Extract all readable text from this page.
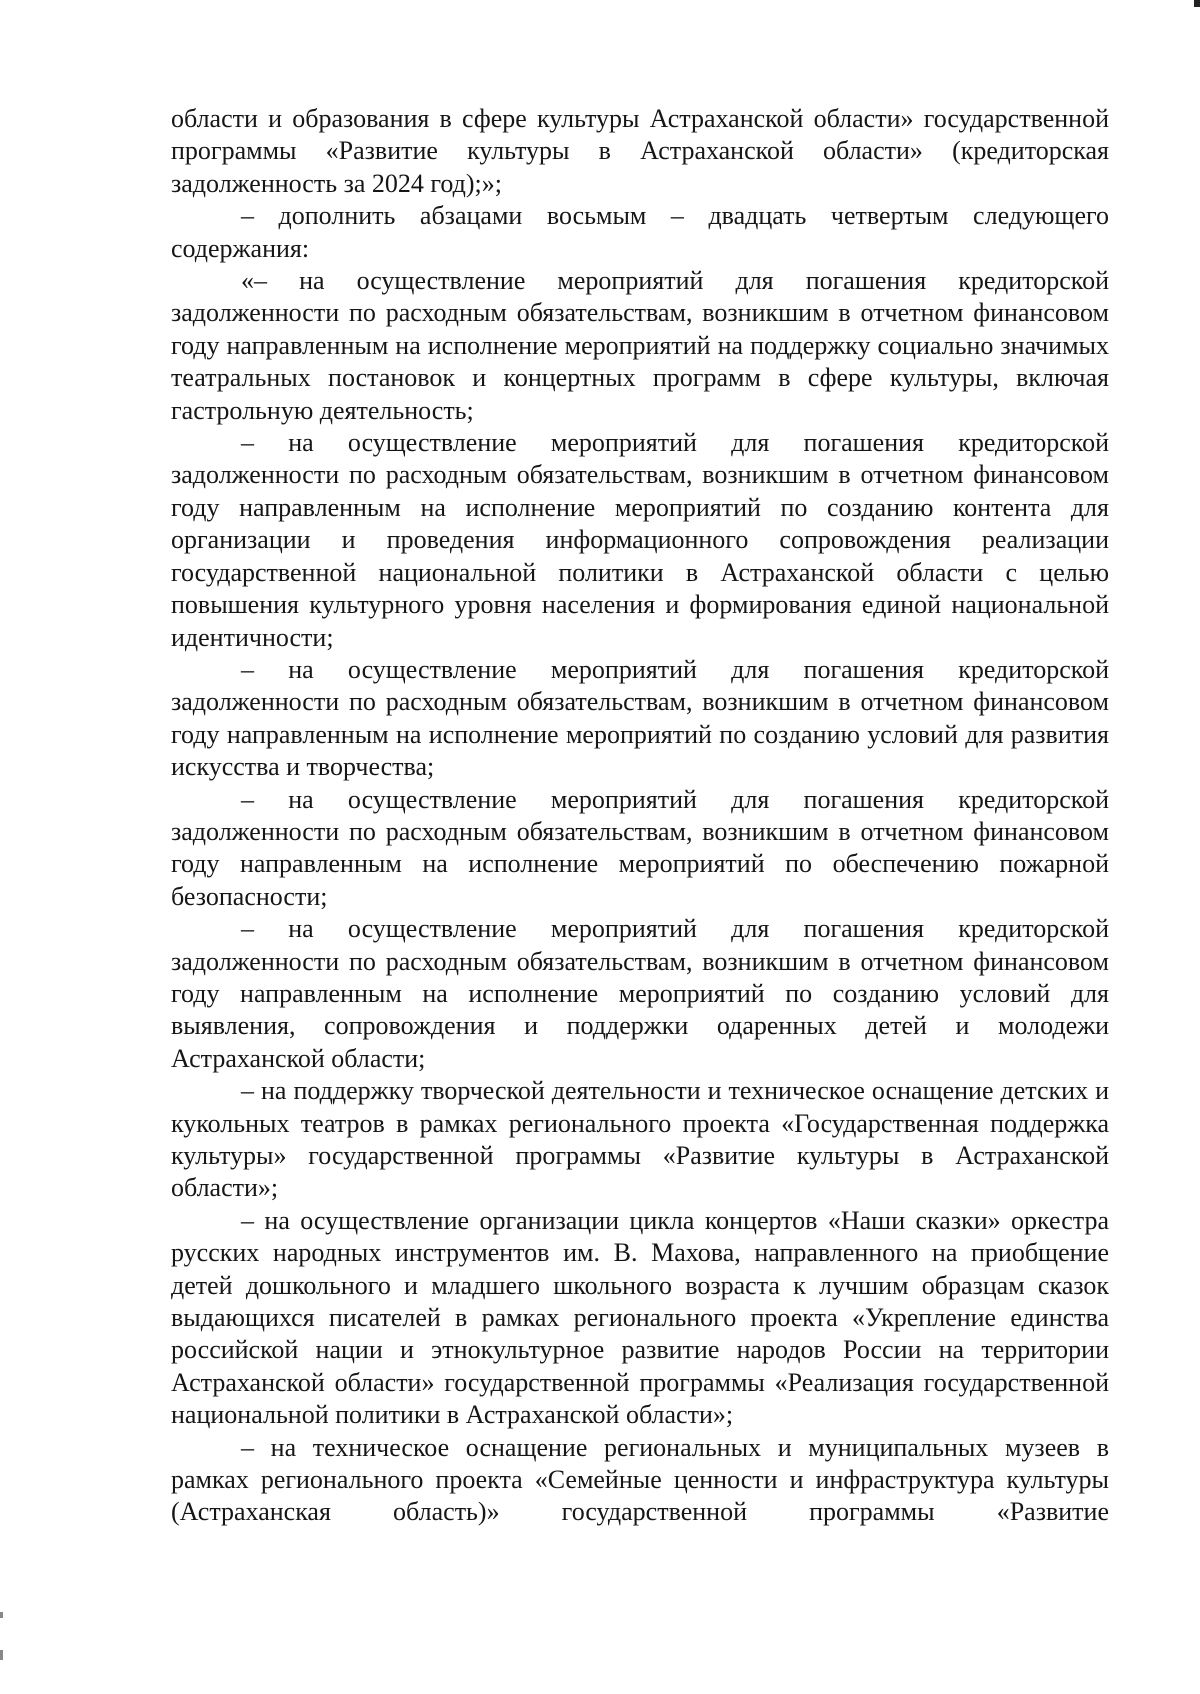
области и образования в сфере культуры Астраханской области» государственной программы «Развитие культуры в Астраханской области» (кредиторская задолженность за 2024 год);»;

– дополнить абзацами восьмым – двадцать четвертым следующего содержания:

«– на осуществление мероприятий для погашения кредиторской задолженности по расходным обязательствам, возникшим в отчетном финансовом году направленным на исполнение мероприятий на поддержку социально значимых театральных постановок и концертных программ в сфере культуры, включая гастрольную деятельность;

– на осуществление мероприятий для погашения кредиторской задолженности по расходным обязательствам, возникшим в отчетном финансовом году направленным на исполнение мероприятий по созданию контента для организации и проведения информационного сопровождения реализации государственной национальной политики в Астраханской области с целью повышения культурного уровня населения и формирования единой национальной идентичности;

– на осуществление мероприятий для погашения кредиторской задолженности по расходным обязательствам, возникшим в отчетном финансовом году направленным на исполнение мероприятий по созданию условий для развития искусства и творчества;

– на осуществление мероприятий для погашения кредиторской задолженности по расходным обязательствам, возникшим в отчетном финансовом году направленным на исполнение мероприятий по обеспечению пожарной безопасности;

– на осуществление мероприятий для погашения кредиторской задолженности по расходным обязательствам, возникшим в отчетном финансовом году направленным на исполнение мероприятий по созданию условий для выявления, сопровождения и поддержки одаренных детей и молодежи Астраханской области;

– на поддержку творческой деятельности и техническое оснащение детских и кукольных театров в рамках регионального проекта «Государственная поддержка культуры» государственной программы «Развитие культуры в Астраханской области»;

– на осуществление организации цикла концертов «Наши сказки» оркестра русских народных инструментов им. В. Махова, направленного на приобщение детей дошкольного и младшего школьного возраста к лучшим образцам сказок выдающихся писателей в рамках регионального проекта «Укрепление единства российской нации и этнокультурное развитие народов России на территории Астраханской области» государственной программы «Реализация государственной национальной политики в Астраханской области»;

– на техническое оснащение региональных и муниципальных музеев в рамках регионального проекта «Семейные ценности и инфраструктура культуры (Астраханская область)» государственной программы «Развитие
